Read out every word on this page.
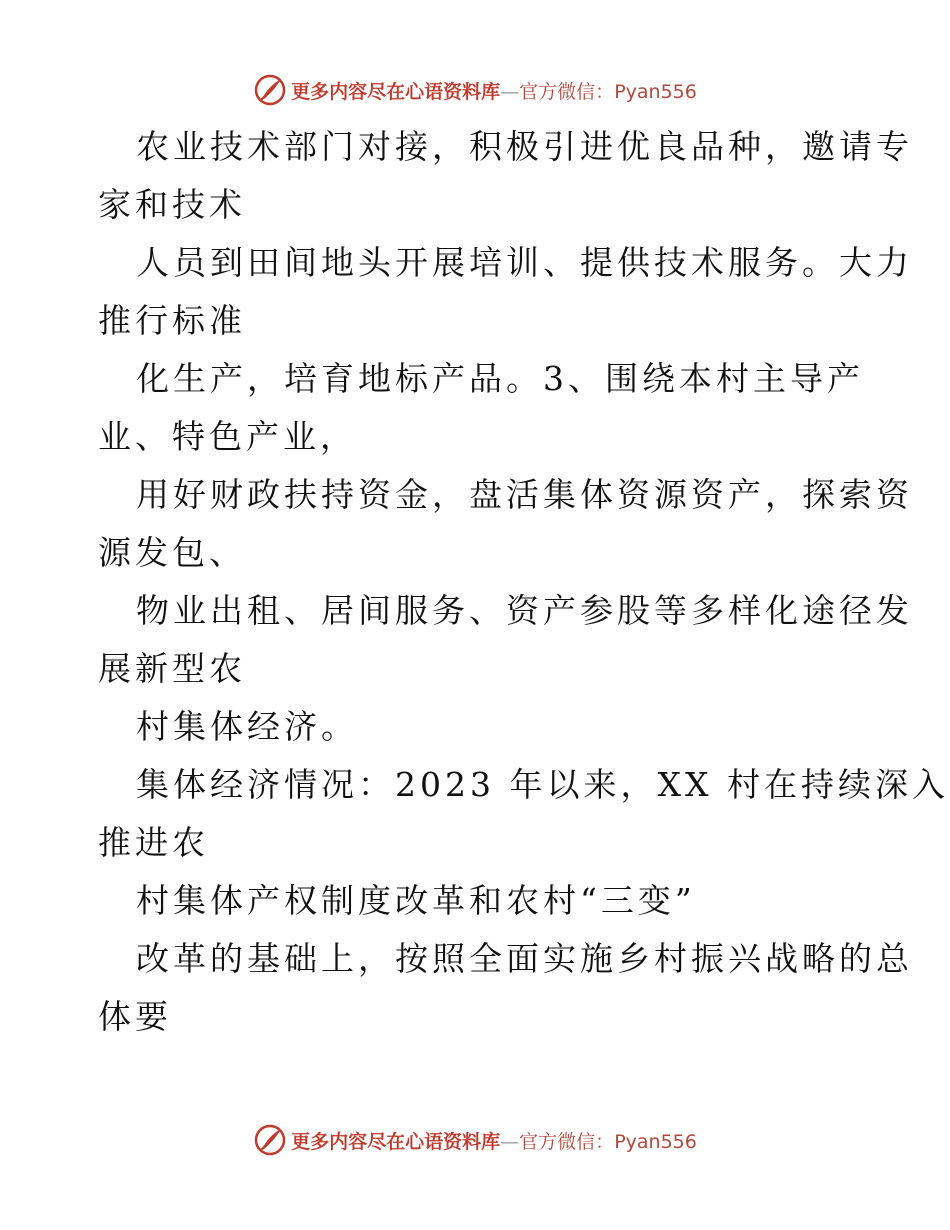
更多内容尽在心语资料库—官方微信：Pyan556

农业技术部门对接，积极引进优良品种，邀请专
家和技术

人员到田间地头开展培训、提供技术服务。大力
推行标准

化生产，培育地标产品。3、围绕本村主导产
业、特色产业，

用好财政扶持资金，盘活集体资源资产，探索资
源发包、

物业出租、居间服务、资产参股等多样化途径发
展新型农

村集体经济。

集体经济情况：2023 年以来，XX 村在持续深入
推进农

村集体产权制度改革和农村“三变”

改革的基础上，按照全面实施乡村振兴战略的总
体要

更多内容尽在心语资料库—官方微信：Pyan556
